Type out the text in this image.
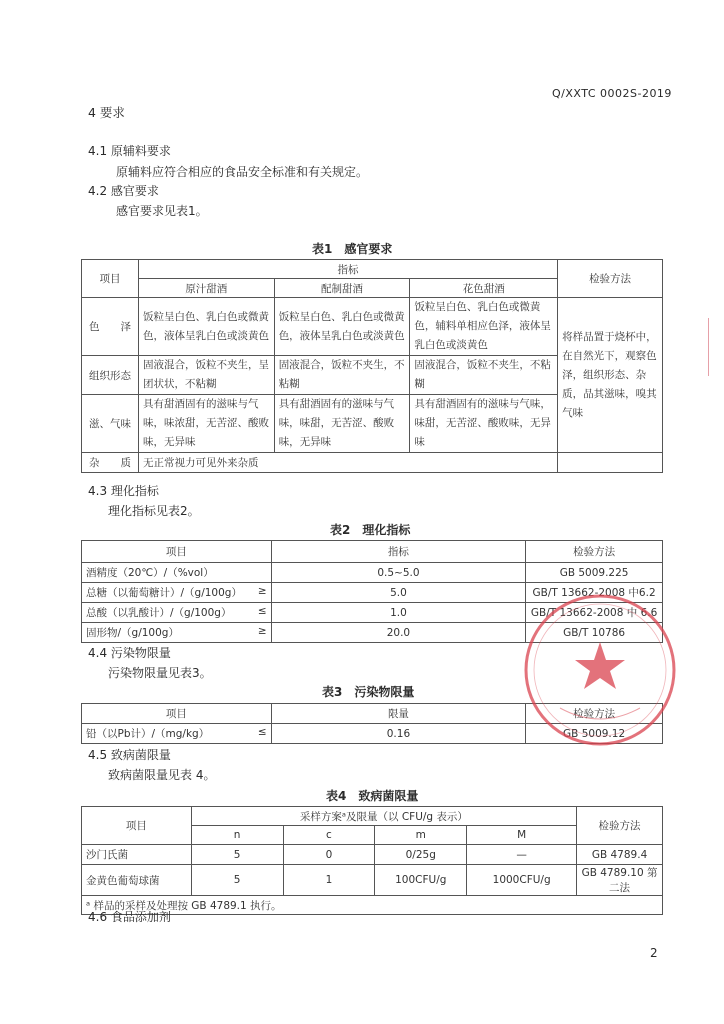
Q/XXTC 0002S-2019
4 要求
4.1 原辅料要求
原辅料应符合相应的食品安全标准和有关规定。
4.2 感官要求
感官要求见表1。
表1　感官要求
项目	指标			检验方法
	原汁甜酒	配制甜酒	花色甜酒	
色　　泽	饭粒呈白色、乳白色或微黄色，液体呈乳白色或淡黄色	饭粒呈白色、乳白色或微黄色，液体呈乳白色或淡黄色	饭粒呈白色、乳白色或微黄色，辅料单相应色泽，液体呈乳白色或淡黄色	将样品置于烧杯中，在自然光下，观察色泽，组织形态、杂质，品其滋味，嗅其气味
组织形态	固液混合，饭粒不夹生，呈团状状，不粘糊	固液混合，饭粒不夹生，不粘糊	固液混合，饭粒不夹生，不粘糊	
滋、气味	具有甜酒固有的滋味与气味，味浓甜，无苦涩、酸败味，无异味	具有甜酒固有的滋味与气味，味甜，无苦涩、酸败味，无异味	具有甜酒固有的滋味与气味，味甜，无苦涩、酸败味，无异味	
杂　　质	无正常视力可见外来杂质			
4.3 理化指标
理化指标见表2。
表2　理化指标
项目	指标	检验方法
酒精度（20℃）/（%vol）	0.5~5.0	GB 5009.225
总糖（以葡萄糖计）/（g/100g） ≥	5.0	GB/T 13662-2008 中6.2
总酸（以乳酸计）/（g/100g） ≤	1.0	GB/T 13662-2008 中 6.6
固形物/（g/100g） ≥	20.0	GB/T 10786
4.4 污染物限量
污染物限量见表3。
表3　污染物限量
项目	限量	检验方法
铅（以Pb计）/（mg/kg） ≤	0.16	GB 5009.12
4.5 致病菌限量
致病菌限量见表 4。
表4　致病菌限量
项目	采样方案ᵃ及限量（以 CFU/g 表示）				检验方法
	n	c	m	M	
沙门氏菌	5	0	0/25g	—	GB 4789.4
金黄色葡萄球菌	5	1	100CFU/g	1000CFU/g	GB 4789.10 第二法
ᵃ 样品的采样及处理按 GB 4789.1 执行。					
4.6 食品添加剂
2
